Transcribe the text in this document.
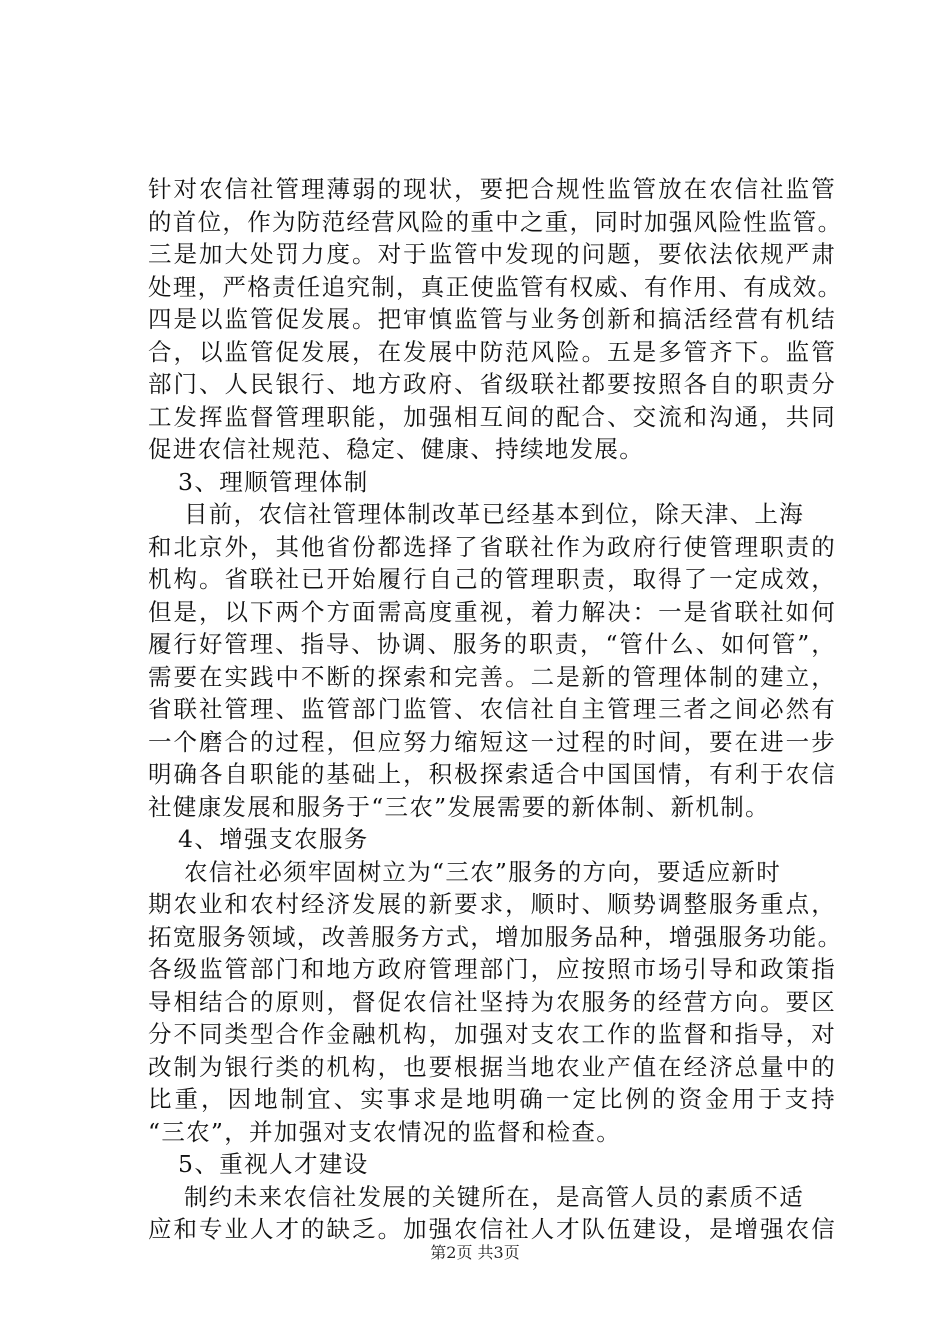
针对农信社管理薄弱的现状，要把合规性监管放在农信社监管
的首位，作为防范经营风险的重中之重，同时加强风险性监管。
三是加大处罚力度。对于监管中发现的问题，要依法依规严肃
处理，严格责任追究制，真正使监管有权威、有作用、有成效。
四是以监管促发展。把审慎监管与业务创新和搞活经营有机结
合，以监管促发展，在发展中防范风险。五是多管齐下。监管
部门、人民银行、地方政府、省级联社都要按照各自的职责分
工发挥监督管理职能，加强相互间的配合、交流和沟通，共同
促进农信社规范、稳定、健康、持续地发展。
3、理顺管理体制
目前，农信社管理体制改革已经基本到位，除天津、上海
和北京外，其他省份都选择了省联社作为政府行使管理职责的
机构。省联社已开始履行自己的管理职责，取得了一定成效，
但是，以下两个方面需高度重视，着力解决：一是省联社如何
履行好管理、指导、协调、服务的职责，“管什么、如何管”，
需要在实践中不断的探索和完善。二是新的管理体制的建立，
省联社管理、监管部门监管、农信社自主管理三者之间必然有
一个磨合的过程，但应努力缩短这一过程的时间，要在进一步
明确各自职能的基础上，积极探索适合中国国情，有利于农信
社健康发展和服务于“三农”发展需要的新体制、新机制。
4、增强支农服务
农信社必须牢固树立为“三农”服务的方向，要适应新时
期农业和农村经济发展的新要求，顺时、顺势调整服务重点，
拓宽服务领域，改善服务方式，增加服务品种，增强服务功能。
各级监管部门和地方政府管理部门，应按照市场引导和政策指
导相结合的原则，督促农信社坚持为农服务的经营方向。要区
分不同类型合作金融机构，加强对支农工作的监督和指导，对
改制为银行类的机构，也要根据当地农业产值在经济总量中的
比重，因地制宜、实事求是地明确一定比例的资金用于支持
“三农”，并加强对支农情况的监督和检查。
5、重视人才建设
制约未来农信社发展的关键所在，是高管人员的素质不适
应和专业人才的缺乏。加强农信社人才队伍建设，是增强农信
第2页 共3页
